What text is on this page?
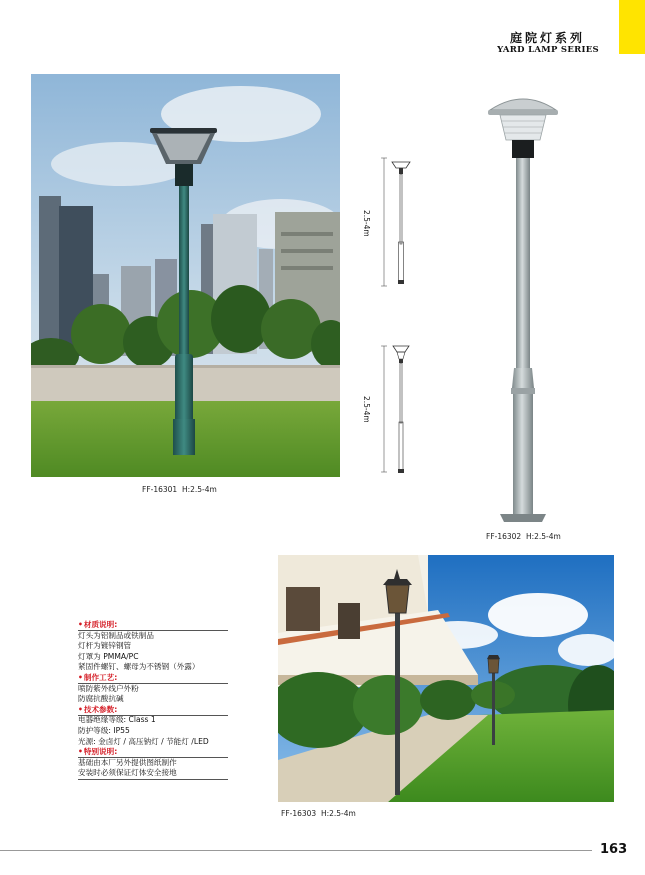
庭院灯系列
YARD LAMP SERIES
FF-16301  H:2.5-4m
2.5-4m
2.5-4m
FF-16302  H:2.5-4m
FF-16303  H:2.5-4m
• 材质说明:
灯头为铝制品或铁制品
灯杆为镀锌钢管
灯罩为 PMMA/PC
紧固件螺钉、螺母为不锈钢（外露）
• 制作工艺:
喷防紫外线户外粉
防腐抗酸抗碱
• 技术参数:
电器绝缘等级: Class 1
防护等级: IP55
光源: 金卤灯 / 高压钠灯 / 节能灯 /LED
• 特别说明:
基础由本厂另外提供图纸制作
安装时必须保证灯体安全接地
163
